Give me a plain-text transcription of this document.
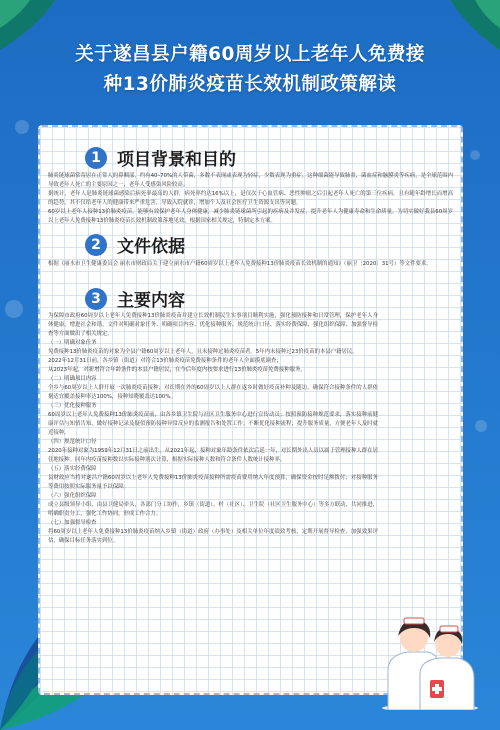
关于遂昌县户籍60周岁以上老年人免费接
种13价肺炎疫苗长效机制政策解读
1 项目背景和目的

肺炎链球菌常寄居在正常人的鼻咽部，约有40–70%的人带菌，多数不表现或表现为轻症，少数表现为重症。这种细菌能导致肺炎、菌血症和脑膜炎等疾病，是全球范围内导致老年人死亡的主要原因之一，老年人受感染风险较高。

据统计，老年人是肺炎链球菌感染后病死率最高的人群，病死率约达16%以上，是仅次于心血管病、恶性肿瘤之后引起老年人死亡的第三位疾病，且有随年龄增长而增高的趋势。其不仅给老年人的健康带来严重危害，导致入院就诊，增加个人及社会医疗卫生资源支出等问题。

60岁以上老年人接种13价肺炎疫苗，能够有效保护老年人身体健康，减少肺炎链球菌所引起的疾病及并发症，提升老年人为健康寿命和生命质量。为切实做好我县60周岁以上老年人免费接种13价肺炎疫苗长效机制政策落地见效，根据国家相关规定，特制定本方案。

2 文件依据

根据《丽水市卫生健康委员会 丽水市财政局关于建立丽水市户籍60周岁以上老年人免费接种13价肺炎疫苗长效机制的通知》（丽卫〔2020〕31号）等文件要求。

3 主要内容

为保障市政府60周岁以上老年人免费接种13价肺炎疫苗并建立长效机制民生实事项目顺利实施，强化预防接种和日常管理，保护老年人身体健康，增进社会和谐，文件对明确对象任务、明确项目内容、优化接种服务、规范统计口径、落实经费保障、强化组织保障、加强督导检查等方面做出了相关规定。

（一）明确对象任务

免费接种13价肺炎疫苗的对象为全县户籍60周岁以上老年人，且未接种过肺炎疫苗者。5年内未接种过23价疫苗的本县户籍居民。

2022年12月31日前，各乡镇（街道）对符合13价肺炎疫苗免费接种条件的老年人全面摸底调查；

从2023年起，对新增符合年龄条件的本县户籍居民，在今后年度内按要求进行13价肺炎疫苗免费接种服务。

（二）明确项目内容

全乡与60周岁以上人群开展一次肺炎疫苗接种；对长期在外的60周岁以上人群在返乡时做好疫苗补种及随访，确保符合接种条件的人群依据适宜覆盖接种率达100%，接种知晓覆盖达100%。

（三）优化接种服务

60周岁以上老年人免费接种13价肺炎疫苗前，由各乡镇卫生院与社区卫生服务中心进行宣传动员；按照预防接种规范要求，落实接种前健康评估与知情告知，做好接种记录及疑似预防接种异常反应的监测报告和处置工作；不断优化接种流程，提升服务质量，方便老年人及时就近接种。

（四）规范统计口径

2020年接种对象为1959年12月31日之前出生，从2021年起，接种对象年龄条件依次后延一年，对长期外出人员以属于管理接种人群在居住地接种。同年内疫苗接种数以实际接种剂次计算，根据实际接种人数和符合条件人数统计接种率。

（五）落实经费保障

县财政应当将对遂昌户籍60周岁以上老年人免费接种13价肺炎疫苗接种所需疫苗费用纳入年度预算，确保资金按时足额拨付；对接种服务等费用按照实际服务量予以保障。

（六）强化组织保障

成立县级领导小组，由县卫健局牵头，各部门分工协作，乡镇（街道）、村（社区）、卫生院（社区卫生服务中心）等多方联动、共同推进，明确职责分工，强化工作协同，形成工作合力。

（七）加强督导检查

将60周岁以上老年人免费接种13价肺炎疫苗纳入乡镇（街道）政府（办事处）及相关单位年度绩效考核，定期开展督导检查，加强效果评估，确保目标任务落实到位。
